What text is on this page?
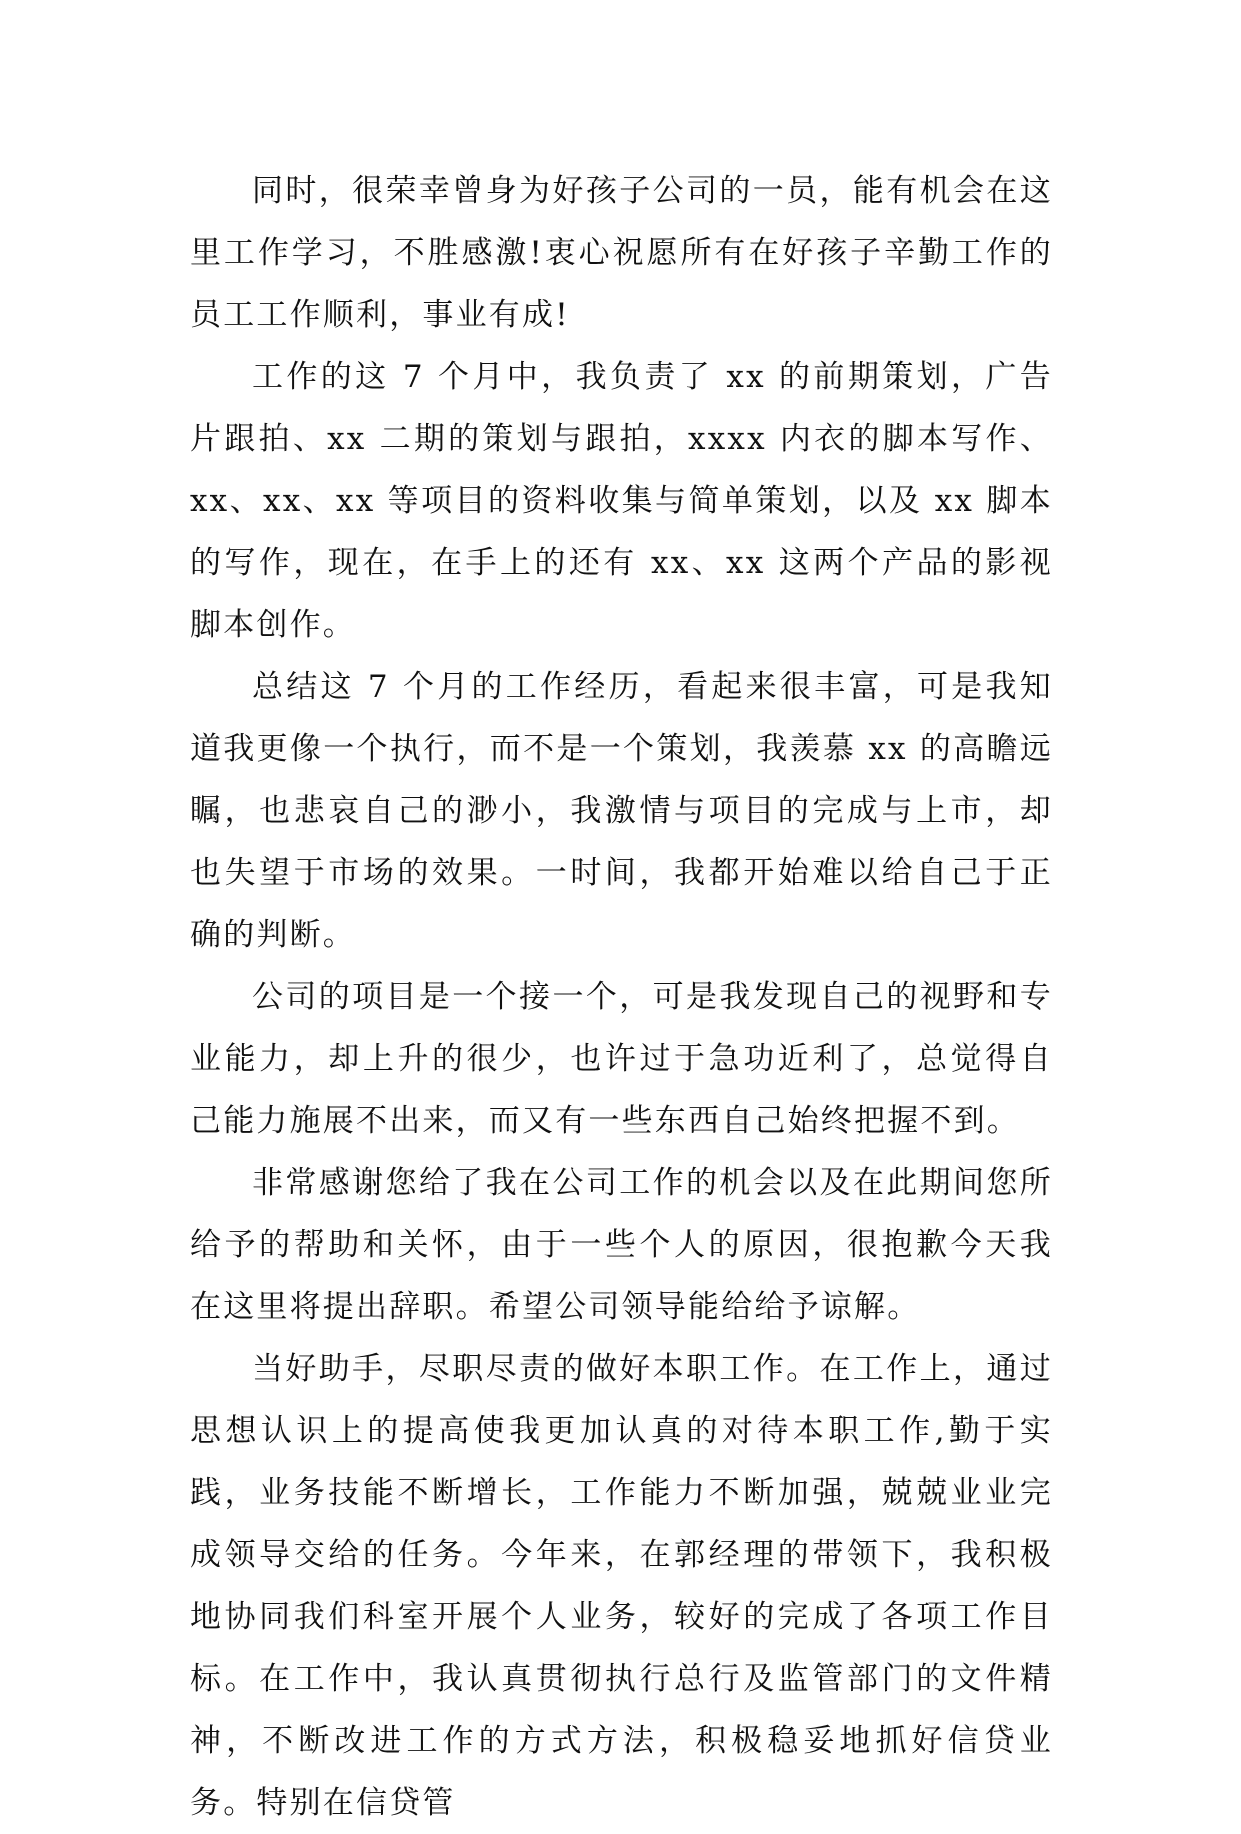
同时，很荣幸曾身为好孩子公司的一员，能有机会在这里工作学习，不胜感激!衷心祝愿所有在好孩子辛勤工作的员工工作顺利，事业有成!

工作的这 7 个月中，我负责了 xx 的前期策划，广告片跟拍、xx 二期的策划与跟拍，xxxx 内衣的脚本写作、xx、xx、xx 等项目的资料收集与简单策划，以及 xx 脚本的写作，现在，在手上的还有 xx、xx 这两个产品的影视脚本创作。

总结这 7 个月的工作经历，看起来很丰富，可是我知道我更像一个执行，而不是一个策划，我羡慕 xx 的高瞻远瞩，也悲哀自己的渺小，我激情与项目的完成与上市，却也失望于市场的效果。一时间，我都开始难以给自己于正确的判断。

公司的项目是一个接一个，可是我发现自己的视野和专业能力，却上升的很少，也许过于急功近利了，总觉得自己能力施展不出来，而又有一些东西自己始终把握不到。

非常感谢您给了我在公司工作的机会以及在此期间您所给予的帮助和关怀，由于一些个人的原因，很抱歉今天我在这里将提出辞职。希望公司领导能给给予谅解。

当好助手，尽职尽责的做好本职工作。在工作上，通过思想认识上的提高使我更加认真的对待本职工作,勤于实践，业务技能不断增长，工作能力不断加强，兢兢业业完成领导交给的任务。今年来，在郭经理的带领下，我积极地协同我们科室开展个人业务，较好的完成了各项工作目标。在工作中，我认真贯彻执行总行及监管部门的文件精神，不断改进工作的方式方法，积极稳妥地抓好信贷业务。特别在信贷管
